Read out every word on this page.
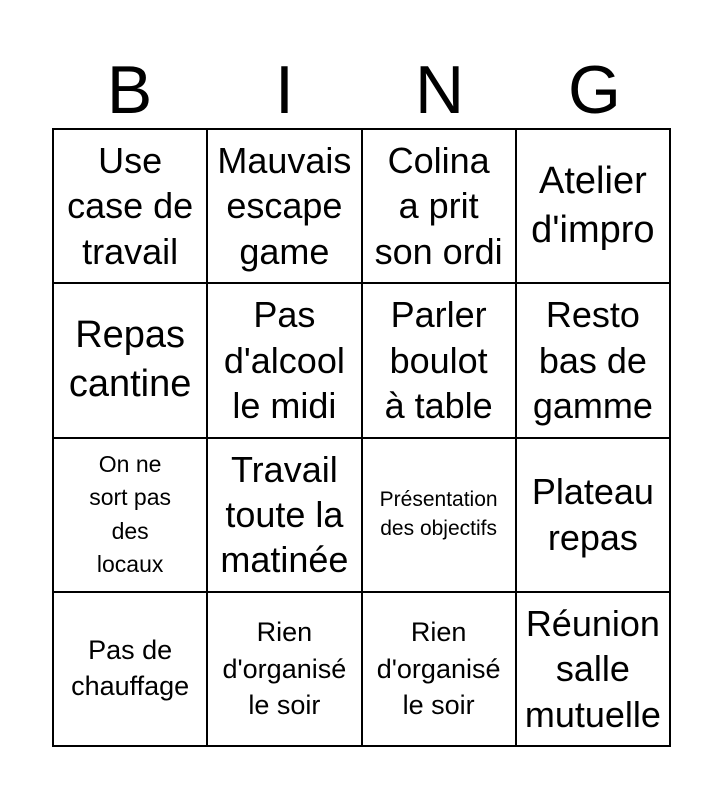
B	I	N	G
Use
case de
travail
Mauvais
escape
game
Colina
a prit
son ordi
Atelier
d'impro
Repas
cantine
Pas
d'alcool
le midi
Parler
boulot
à table
Resto
bas de
gamme
On ne
sort pas
des
locaux
Travail
toute la
matinée
Présentation
des objectifs
Plateau
repas
Pas de
chauffage
Rien
d'organisé
le soir
Rien
d'organisé
le soir
Réunion
salle
mutuelle
